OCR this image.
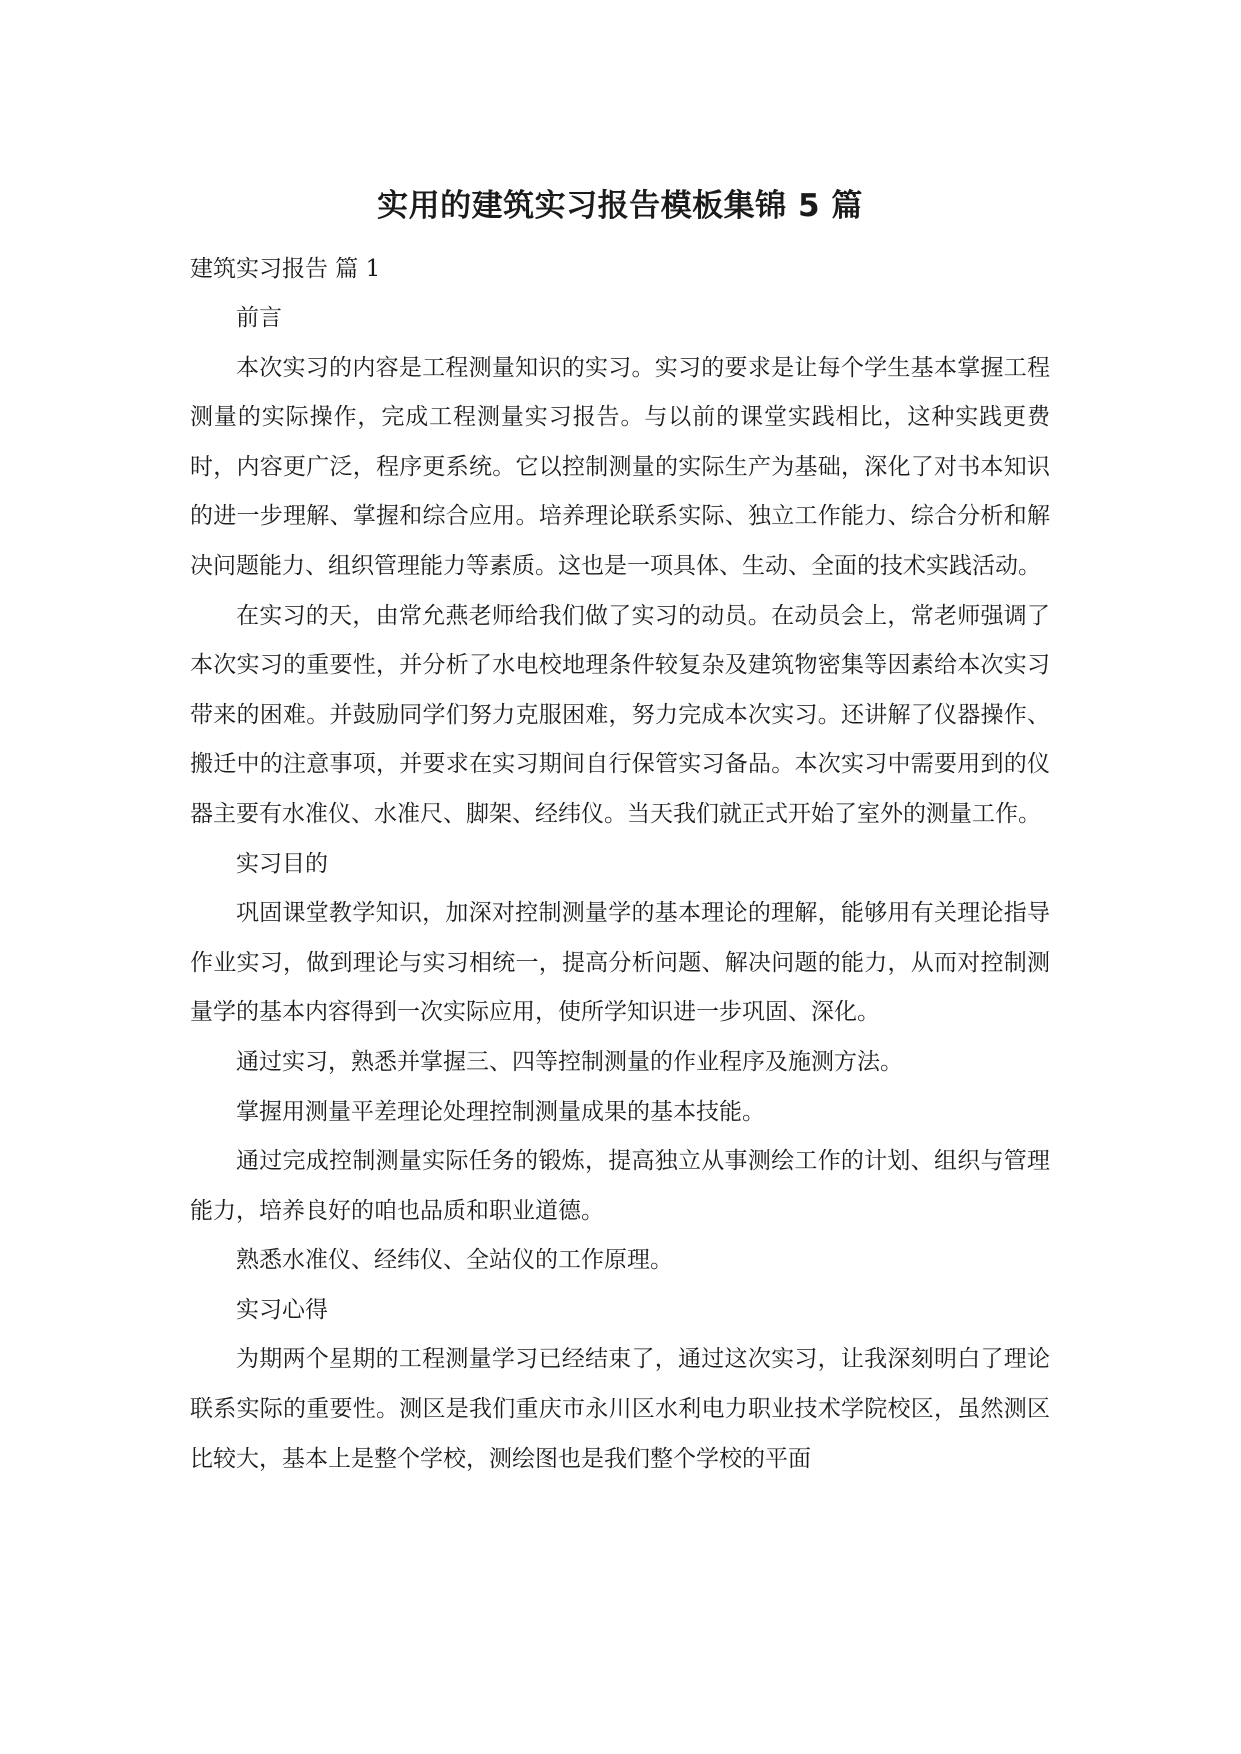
实用的建筑实习报告模板集锦 5 篇

建筑实习报告 篇 1

前言

本次实习的内容是工程测量知识的实习。实习的要求是让每个学生基本掌握工程测量的实际操作，完成工程测量实习报告。与以前的课堂实践相比，这种实践更费时，内容更广泛，程序更系统。它以控制测量的实际生产为基础，深化了对书本知识的进一步理解、掌握和综合应用。培养理论联系实际、独立工作能力、综合分析和解决问题能力、组织管理能力等素质。这也是一项具体、生动、全面的技术实践活动。

在实习的天，由常允燕老师给我们做了实习的动员。在动员会上，常老师强调了本次实习的重要性，并分析了水电校地理条件较复杂及建筑物密集等因素给本次实习带来的困难。并鼓励同学们努力克服困难，努力完成本次实习。还讲解了仪器操作、搬迁中的注意事项，并要求在实习期间自行保管实习备品。本次实习中需要用到的仪器主要有水准仪、水准尺、脚架、经纬仪。当天我们就正式开始了室外的测量工作。

实习目的

巩固课堂教学知识，加深对控制测量学的基本理论的理解，能够用有关理论指导作业实习，做到理论与实习相统一，提高分析问题、解决问题的能力，从而对控制测量学的基本内容得到一次实际应用，使所学知识进一步巩固、深化。

通过实习，熟悉并掌握三、四等控制测量的作业程序及施测方法。

掌握用测量平差理论处理控制测量成果的基本技能。

通过完成控制测量实际任务的锻炼，提高独立从事测绘工作的计划、组织与管理能力，培养良好的咱也品质和职业道德。

熟悉水准仪、经纬仪、全站仪的工作原理。

实习心得

为期两个星期的工程测量学习已经结束了，通过这次实习，让我深刻明白了理论联系实际的重要性。测区是我们重庆市永川区水利电力职业技术学院校区，虽然测区比较大，基本上是整个学校，测绘图也是我们整个学校的平面
